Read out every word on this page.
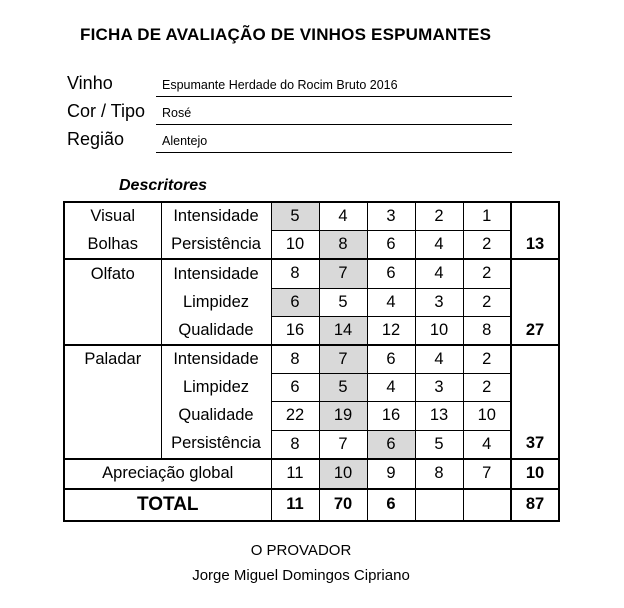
FICHA DE AVALIAÇÃO DE VINHOS ESPUMANTES
Vinho	Espumante Herdade do Rocim Bruto 2016
Cor / Tipo Rosé
Região	Alentejo
Descritores
Visual	Intensidade	5	4	3	2	1	
Bolhas	Persistência	10	8	6	4	2	13
Olfato	Intensidade	8	7	6	4	2	
	Limpidez	6	5	4	3	2	
	Qualidade	16	14	12	10	8	27
Paladar	Intensidade	8	7	6	4	2	
	Limpidez	6	5	4	3	2	
	Qualidade	22	19	16	13	10	
	Persistência	8	7	6	5	4	37
Apreciação global		11	10	9	8	7	10
TOTAL		11	70	6			87
O PROVADOR
Jorge Miguel Domingos Cipriano
